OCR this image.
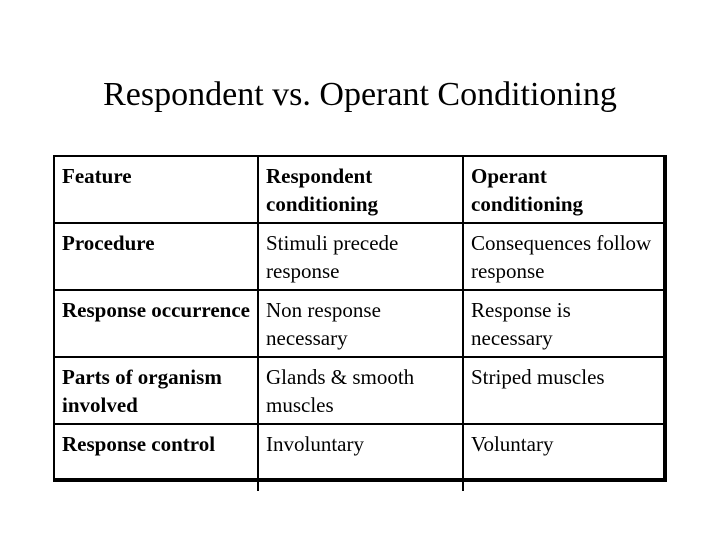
Respondent vs. Operant Conditioning
Feature	Respondent conditioning	Operant conditioning
Procedure	Stimuli precede response	Consequences follow response
Response occurrence	Non response necessary	Response is necessary
Parts of organism involved	Glands & smooth muscles	Striped muscles
Response control	Involuntary	Voluntary
